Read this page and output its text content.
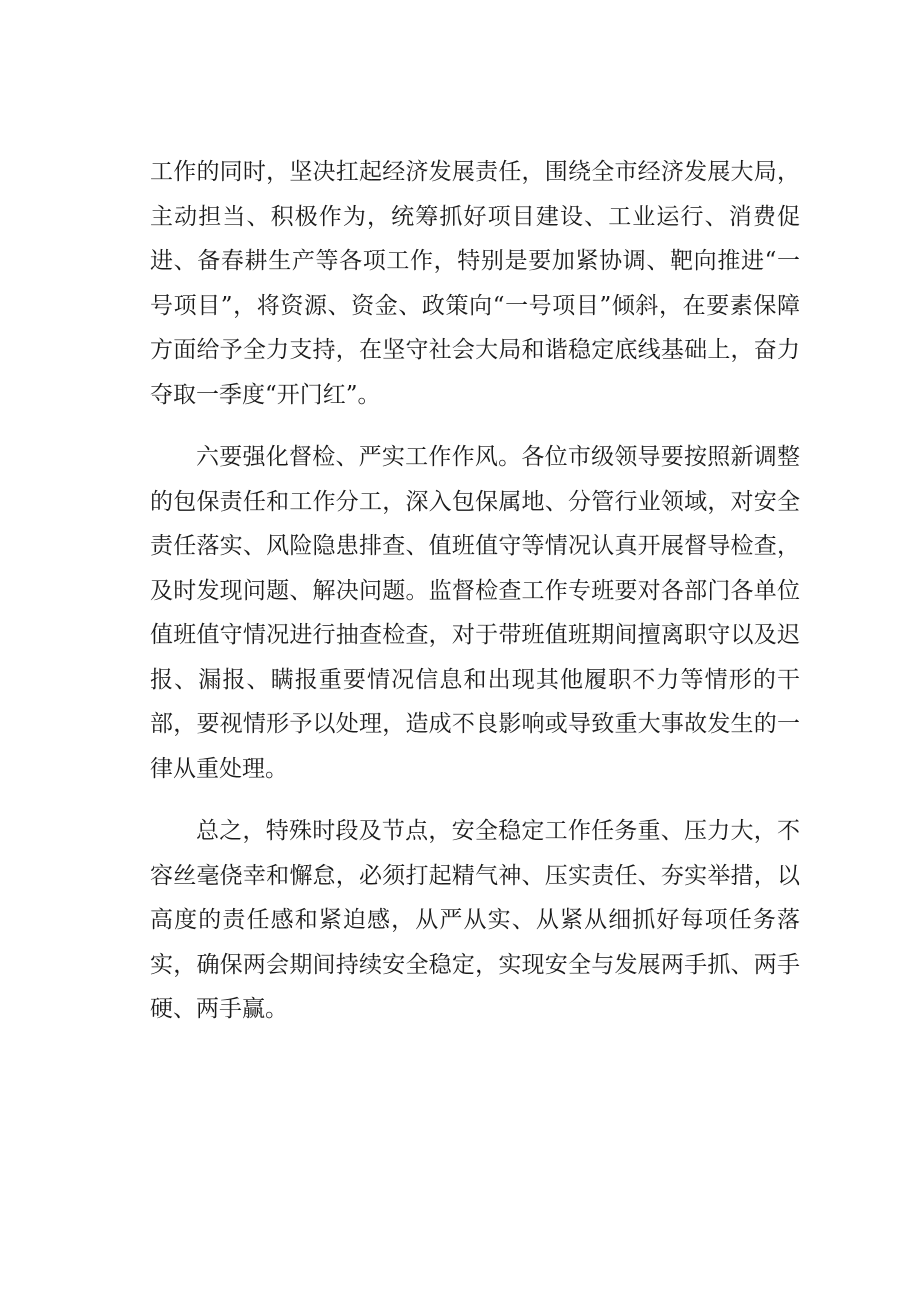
工作的同时，坚决扛起经济发展责任，围绕全市经济发展大局，主动担当、积极作为，统筹抓好项目建设、工业运行、消费促进、备春耕生产等各项工作，特别是要加紧协调、靶向推进“一号项目”，将资源、资金、政策向“一号项目”倾斜，在要素保障方面给予全力支持，在坚守社会大局和谐稳定底线基础上，奋力夺取一季度“开门红”。

六要强化督检、严实工作作风。各位市级领导要按照新调整的包保责任和工作分工，深入包保属地、分管行业领域，对安全责任落实、风险隐患排查、值班值守等情况认真开展督导检查，及时发现问题、解决问题。监督检查工作专班要对各部门各单位值班值守情况进行抽查检查，对于带班值班期间擅离职守以及迟报、漏报、瞒报重要情况信息和出现其他履职不力等情形的干部，要视情形予以处理，造成不良影响或导致重大事故发生的一律从重处理。

总之，特殊时段及节点，安全稳定工作任务重、压力大，不容丝毫侥幸和懈怠，必须打起精气神、压实责任、夯实举措，以高度的责任感和紧迫感，从严从实、从紧从细抓好每项任务落实，确保两会期间持续安全稳定，实现安全与发展两手抓、两手硬、两手赢。
